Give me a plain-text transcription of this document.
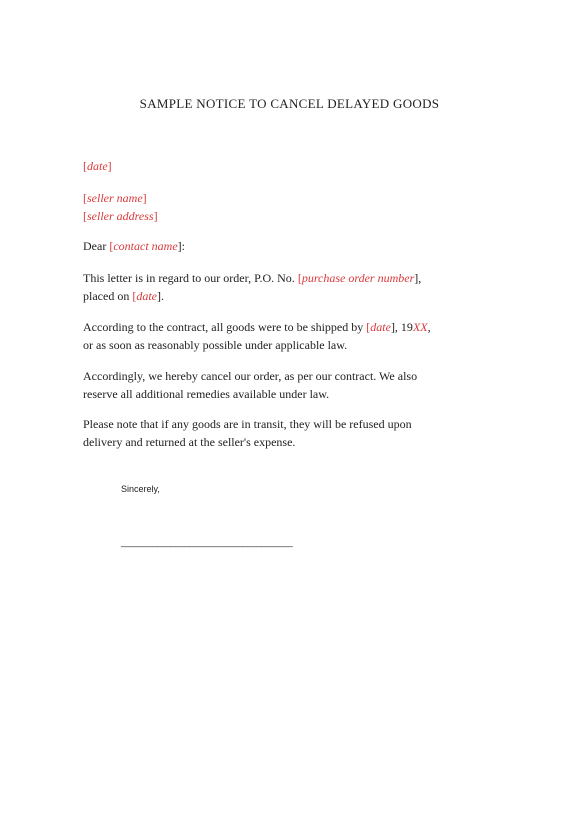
SAMPLE NOTICE TO CANCEL DELAYED GOODS
[date]
[seller name]
[seller address]
Dear [contact name]:
This letter is in regard to our order, P.O. No. [purchase order number],
placed on [date].
According to the contract, all goods were to be shipped by [date], 19XX,
or as soon as reasonably possible under applicable law.
Accordingly, we hereby cancel our order, as per our contract. We also
reserve all additional remedies available under law.
Please note that if any goods are in transit, they will be refused upon
delivery and returned at the seller's expense.
Sincerely,
______________________________________
